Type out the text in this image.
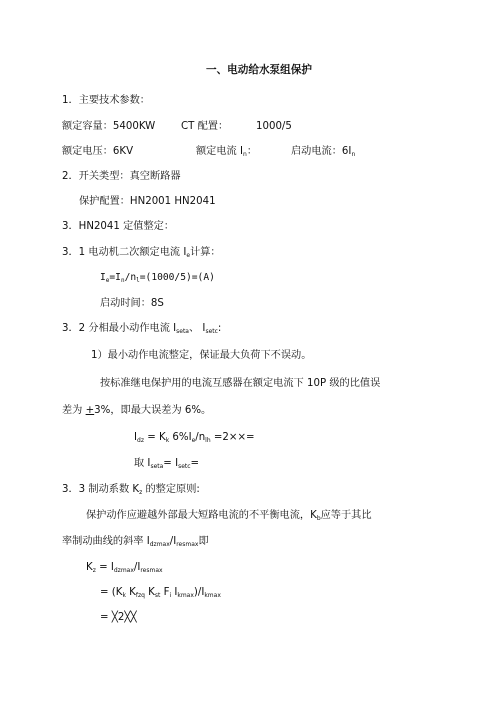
一、电动给水泵组保护
1．主要技术参数：
额定容量：5400KW	CT 配置：	1000/5
额定电压：6KV	额定电流 $I_n$：	启动电流：$6I_n$
2．开关类型：真空断路器
保护配置：HN2001 HN2041
3．HN2041 定值整定：
3．1 电动机二次额定电流 $I_e$计算：
$I_e=I_n/n_l=(1000/5)=(A)$
启动时间：8S
3．2 分相最小动作电流 $I_{seta}$、 $I_{setc}$:
1）最小动作电流整定，保证最大负荷下不误动。
按标准继电保护用的电流互感器在额定电流下 10P 级的比值误
差为 +3%，即最大误差为 6%。
$I_{dz} = K_k$ $6\%I_e/n_{lh} =2\times\times=$
取 $I_{seta}= I_{setc}=$
3．3 制动系数 $K_z$ 的整定原则:
保护动作应避越外部最大短路电流的不平衡电流，$K_b$应等于其比
率制动曲线的斜率 $I_{dzmax}/I_{resmax}$即
$K_z = I_{dzmax}/I_{resmax}$
= ($K_k$ $K_{fzq}$ $K_{st}$ $F_i$ $I_{kmax})/I_{kmax}$
= ╳2╳╳
